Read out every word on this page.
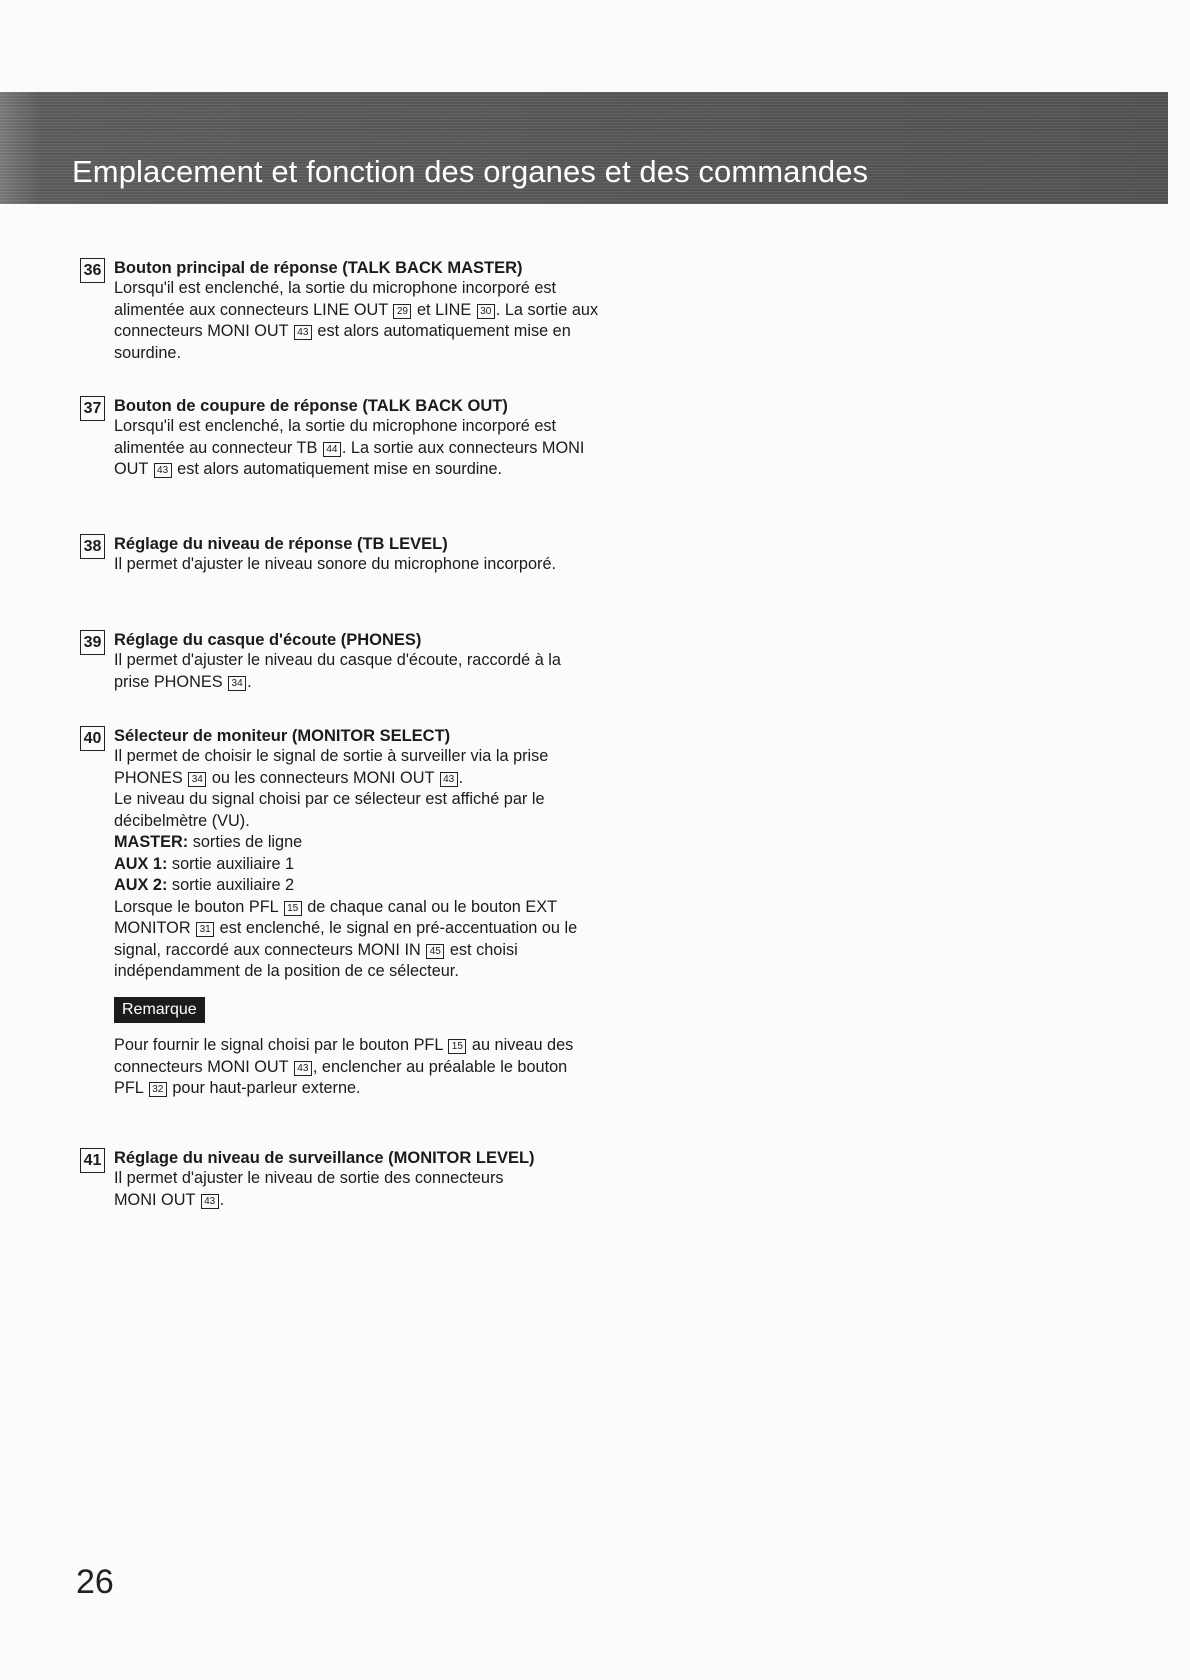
Emplacement et fonction des organes et des commandes
36 Bouton principal de réponse (TALK BACK MASTER)
Lorsqu'il est enclenché, la sortie du microphone incorporé est alimentée aux connecteurs LINE OUT 29 et LINE 30 . La sortie aux connecteurs MONI OUT 43 est alors automatiquement mise en sourdine.
37 Bouton de coupure de réponse (TALK BACK OUT)
Lorsqu'il est enclenché, la sortie du microphone incorporé est alimentée au connecteur TB 44 . La sortie aux connecteurs MONI OUT 43 est alors automatiquement mise en sourdine.
38 Réglage du niveau de réponse (TB LEVEL)
Il permet d'ajuster le niveau sonore du microphone incorporé.
39 Réglage du casque d'écoute (PHONES)
Il permet d'ajuster le niveau du casque d'écoute, raccordé à la prise PHONES 34 .
40 Sélecteur de moniteur (MONITOR SELECT)
Il permet de choisir le signal de sortie à surveiller via la prise PHONES 34 ou les connecteurs MONI OUT 43 .
Le niveau du signal choisi par ce sélecteur est affiché par le décibelmètre (VU).
MASTER: sorties de ligne
AUX 1: sortie auxiliaire 1
AUX 2: sortie auxiliaire 2
Lorsque le bouton PFL 15 de chaque canal ou le bouton EXT MONITOR 31 est enclenché, le signal en pré-accentuation ou le signal, raccordé aux connecteurs MONI IN 45 est choisi indépendamment de la position de ce sélecteur.
Remarque
Pour fournir le signal choisi par le bouton PFL 15 au niveau des connecteurs MONI OUT 43 , enclencher au préalable le bouton PFL 32 pour haut-parleur externe.
41 Réglage du niveau de surveillance (MONITOR LEVEL)
Il permet d'ajuster le niveau de sortie des connecteurs MONI OUT 43 .
26
